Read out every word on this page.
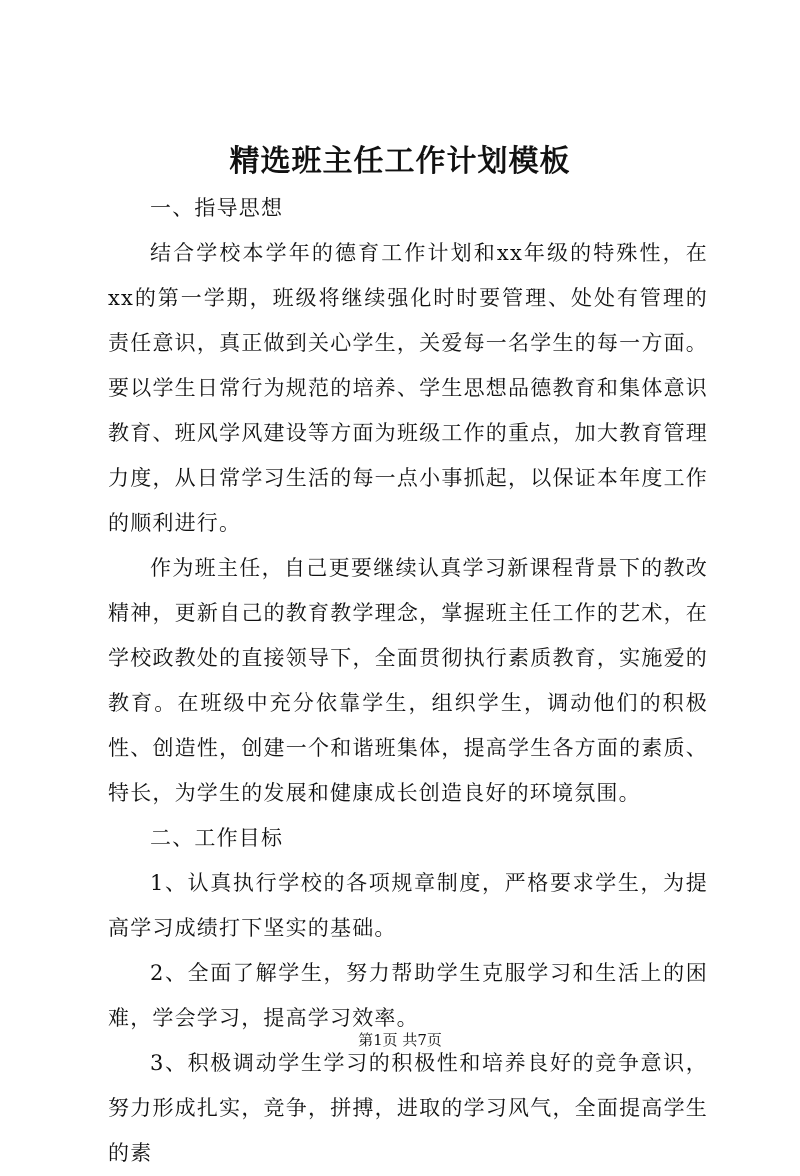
精选班主任工作计划模板

一、指导思想

结合学校本学年的德育工作计划和xx年级的特殊性，在xx的第一学期，班级将继续强化时时要管理、处处有管理的责任意识，真正做到关心学生，关爱每一名学生的每一方面。要以学生日常行为规范的培养、学生思想品德教育和集体意识教育、班风学风建设等方面为班级工作的重点，加大教育管理力度，从日常学习生活的每一点小事抓起，以保证本年度工作的顺利进行。

作为班主任，自己更要继续认真学习新课程背景下的教改精神，更新自己的教育教学理念，掌握班主任工作的艺术，在学校政教处的直接领导下，全面贯彻执行素质教育，实施爱的教育。在班级中充分依靠学生，组织学生，调动他们的积极性、创造性，创建一个和谐班集体，提高学生各方面的素质、特长，为学生的发展和健康成长创造良好的环境氛围。

二、工作目标

1、认真执行学校的各项规章制度，严格要求学生，为提高学习成绩打下坚实的基础。

2、全面了解学生，努力帮助学生克服学习和生活上的困难，学会学习，提高学习效率。

3、积极调动学生学习的积极性和培养良好的竞争意识，努力形成扎实，竞争，拼搏，进取的学习风气，全面提高学生的素

第1页 共7页
